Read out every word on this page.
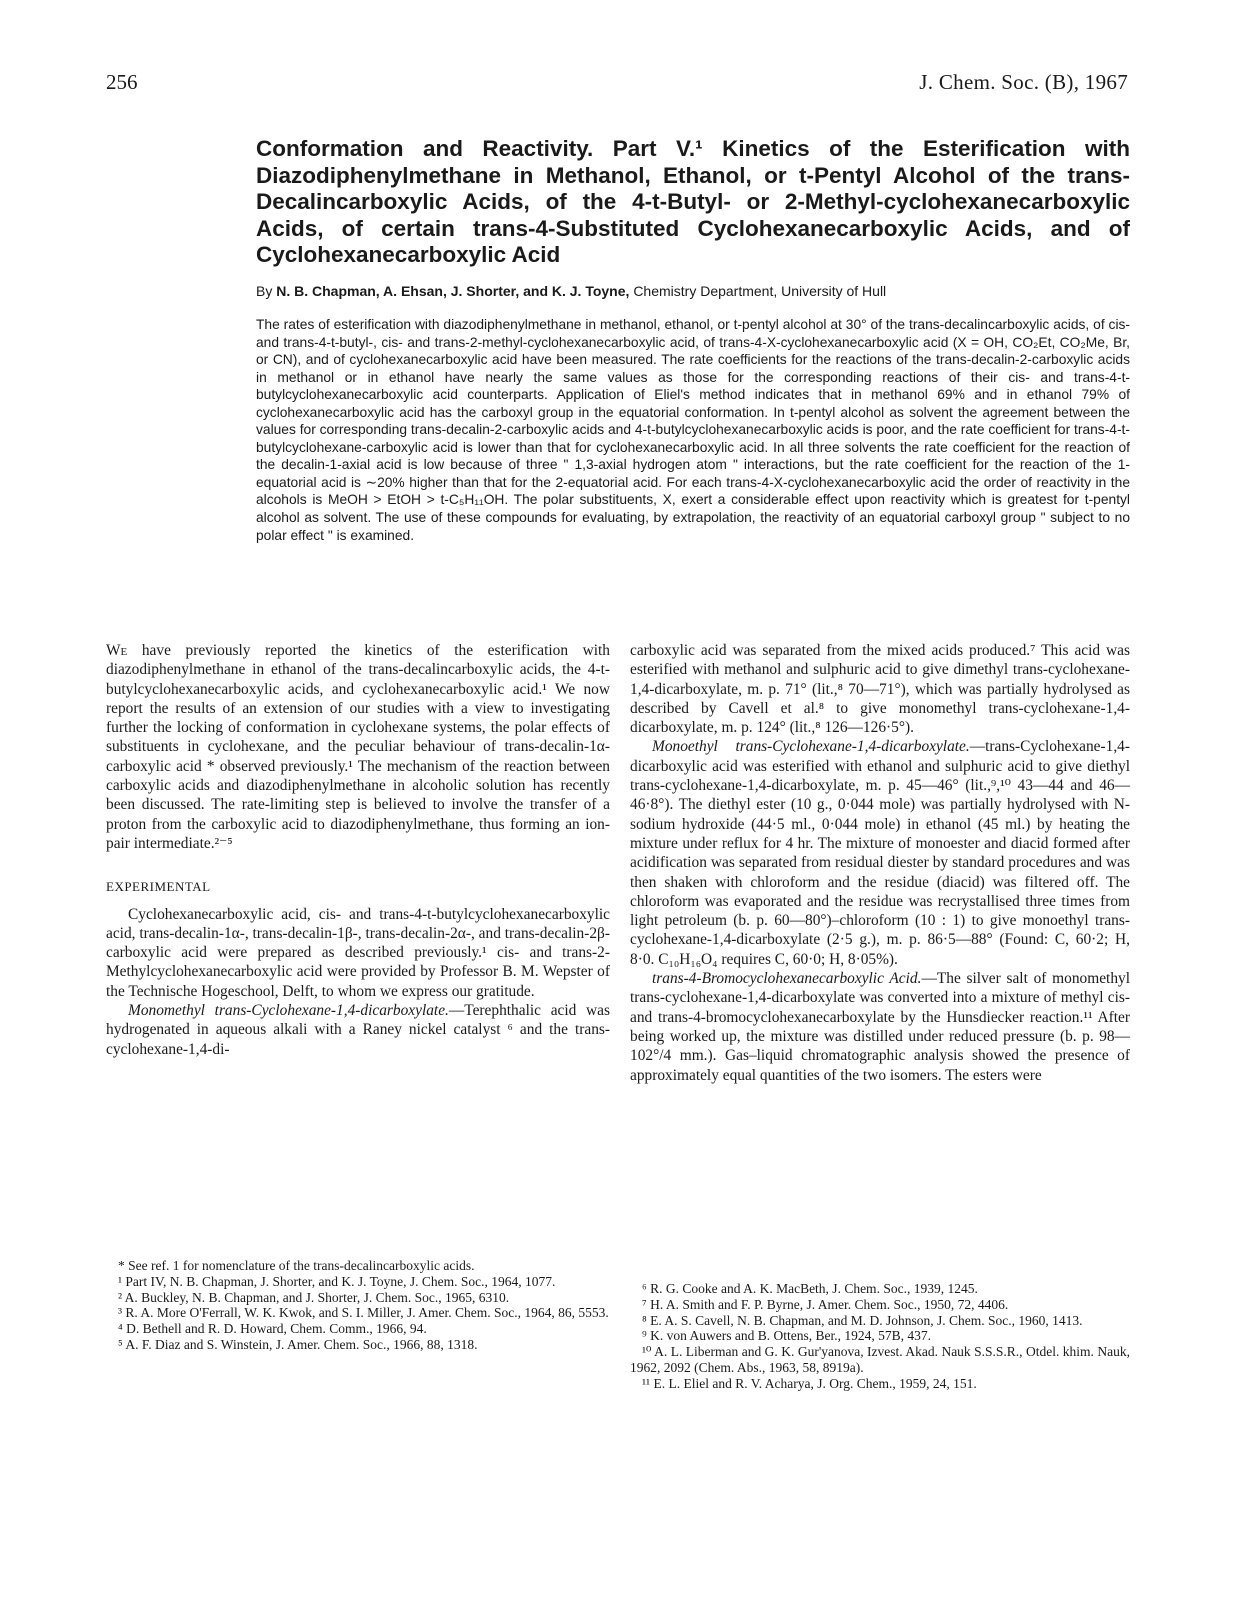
256	J. Chem. Soc. (B), 1967
Conformation and Reactivity. Part V.¹ Kinetics of the Esterification with Diazodiphenylmethane in Methanol, Ethanol, or t-Pentyl Alcohol of the trans-Decalincarboxylic Acids, of the 4-t-Butyl- or 2-Methyl-cyclohexanecarboxylic Acids, of certain trans-4-Substituted Cyclohexanecarboxylic Acids, and of Cyclohexanecarboxylic Acid
By N. B. Chapman, A. Ehsan, J. Shorter, and K. J. Toyne, Chemistry Department, University of Hull

The rates of esterification with diazodiphenylmethane in methanol, ethanol, or t-pentyl alcohol at 30° of the trans-decalincarboxylic acids, of cis- and trans-4-t-butyl-, cis- and trans-2-methyl-cyclohexanecarboxylic acid, of trans-4-X-cyclohexanecarboxylic acid (X = OH, CO₂Et, CO₂Me, Br, or CN), and of cyclohexanecarboxylic acid have been measured. The rate coefficients for the reactions of the trans-decalin-2-carboxylic acids in methanol or in ethanol have nearly the same values as those for the corresponding reactions of their cis- and trans-4-t-butylcyclohexanecarboxylic acid counterparts. Application of Eliel's method indicates that in methanol 69% and in ethanol 79% of cyclohexanecarboxylic acid has the carboxyl group in the equatorial conformation. In t-pentyl alcohol as solvent the agreement between the values for corresponding trans-decalin-2-carboxylic acids and 4-t-butylcyclohexanecarboxylic acids is poor, and the rate coefficient for trans-4-t-butylcyclohexane-carboxylic acid is lower than that for cyclohexanecarboxylic acid. In all three solvents the rate coefficient for the reaction of the decalin-1-axial acid is low because of three " 1,3-axial hydrogen atom " interactions, but the rate coefficient for the reaction of the 1-equatorial acid is ∼20% higher than that for the 2-equatorial acid. For each trans-4-X-cyclohexanecarboxylic acid the order of reactivity in the alcohols is MeOH > EtOH > t-C₅H₁₁OH. The polar substituents, X, exert a considerable effect upon reactivity which is greatest for t-pentyl alcohol as solvent. The use of these compounds for evaluating, by extrapolation, the reactivity of an equatorial carboxyl group " subject to no polar effect " is examined.

We have previously reported the kinetics of the esterification with diazodiphenylmethane in ethanol of the trans-decalincarboxylic acids, the 4-t-butylcyclohexanecarboxylic acids, and cyclohexanecarboxylic acid.¹ We now report the results of an extension of our studies with a view to investigating further the locking of conformation in cyclohexane systems, the polar effects of substituents in cyclohexane, and the peculiar behaviour of trans-decalin-1α-carboxylic acid * observed previously.¹ The mechanism of the reaction between carboxylic acids and diazodiphenylmethane in alcoholic solution has recently been discussed. The rate-limiting step is believed to involve the transfer of a proton from the carboxylic acid to diazodiphenylmethane, thus forming an ion-pair intermediate.²⁻⁵

EXPERIMENTAL

Cyclohexanecarboxylic acid, cis- and trans-4-t-butylcyclohexanecarboxylic acid, trans-decalin-1α-, trans-decalin-1β-, trans-decalin-2α-, and trans-decalin-2β-carboxylic acid were prepared as described previously.¹ cis- and trans-2-Methylcyclohexanecarboxylic acid were provided by Professor B. M. Wepster of the Technische Hogeschool, Delft, to whom we express our gratitude.

Monomethyl trans-Cyclohexane-1,4-dicarboxylate.—Terephthalic acid was hydrogenated in aqueous alkali with a Raney nickel catalyst ⁶ and the trans-cyclohexane-1,4-di-

* See ref. 1 for nomenclature of the trans-decalincarboxylic acids.

¹ Part IV, N. B. Chapman, J. Shorter, and K. J. Toyne, J. Chem. Soc., 1964, 1077.

² A. Buckley, N. B. Chapman, and J. Shorter, J. Chem. Soc., 1965, 6310.

³ R. A. More O'Ferrall, W. K. Kwok, and S. I. Miller, J. Amer. Chem. Soc., 1964, 86, 5553.

⁴ D. Bethell and R. D. Howard, Chem. Comm., 1966, 94.

⁵ A. F. Diaz and S. Winstein, J. Amer. Chem. Soc., 1966, 88, 1318.

carboxylic acid was separated from the mixed acids produced.⁷ This acid was esterified with methanol and sulphuric acid to give dimethyl trans-cyclohexane-1,4-dicarboxylate, m. p. 71° (lit.,⁸ 70—71°), which was partially hydrolysed as described by Cavell et al.⁸ to give monomethyl trans-cyclohexane-1,4-dicarboxylate, m. p. 124° (lit.,⁸ 126—126·5°).

Monoethyl trans-Cyclohexane-1,4-dicarboxylate.—trans-Cyclohexane-1,4-dicarboxylic acid was esterified with ethanol and sulphuric acid to give diethyl trans-cyclohexane-1,4-dicarboxylate, m. p. 45—46° (lit.,⁹,¹⁰ 43—44 and 46—46·8°). The diethyl ester (10 g., 0·044 mole) was partially hydrolysed with N-sodium hydroxide (44·5 ml., 0·044 mole) in ethanol (45 ml.) by heating the mixture under reflux for 4 hr. The mixture of monoester and diacid formed after acidification was separated from residual diester by standard procedures and was then shaken with chloroform and the residue (diacid) was filtered off. The chloroform was evaporated and the residue was recrystallised three times from light petroleum (b. p. 60—80°)–chloroform (10 : 1) to give monoethyl trans-cyclohexane-1,4-dicarboxylate (2·5 g.), m. p. 86·5—88° (Found: C, 60·2; H, 8·0. C₁₀H₁₆O₄ requires C, 60·0; H, 8·05%).

trans-4-Bromocyclohexanecarboxylic Acid.—The silver salt of monomethyl trans-cyclohexane-1,4-dicarboxylate was converted into a mixture of methyl cis- and trans-4-bromocyclohexanecarboxylate by the Hunsdiecker reaction.¹¹ After being worked up, the mixture was distilled under reduced pressure (b. p. 98—102°/4 mm.). Gas–liquid chromatographic analysis showed the presence of approximately equal quantities of the two isomers. The esters were

⁶ R. G. Cooke and A. K. MacBeth, J. Chem. Soc., 1939, 1245.

⁷ H. A. Smith and F. P. Byrne, J. Amer. Chem. Soc., 1950, 72, 4406.

⁸ E. A. S. Cavell, N. B. Chapman, and M. D. Johnson, J. Chem. Soc., 1960, 1413.

⁹ K. von Auwers and B. Ottens, Ber., 1924, 57B, 437.

¹⁰ A. L. Liberman and G. K. Gur'yanova, Izvest. Akad. Nauk S.S.S.R., Otdel. khim. Nauk, 1962, 2092 (Chem. Abs., 1963, 58, 8919a).

¹¹ E. L. Eliel and R. V. Acharya, J. Org. Chem., 1959, 24, 151.
